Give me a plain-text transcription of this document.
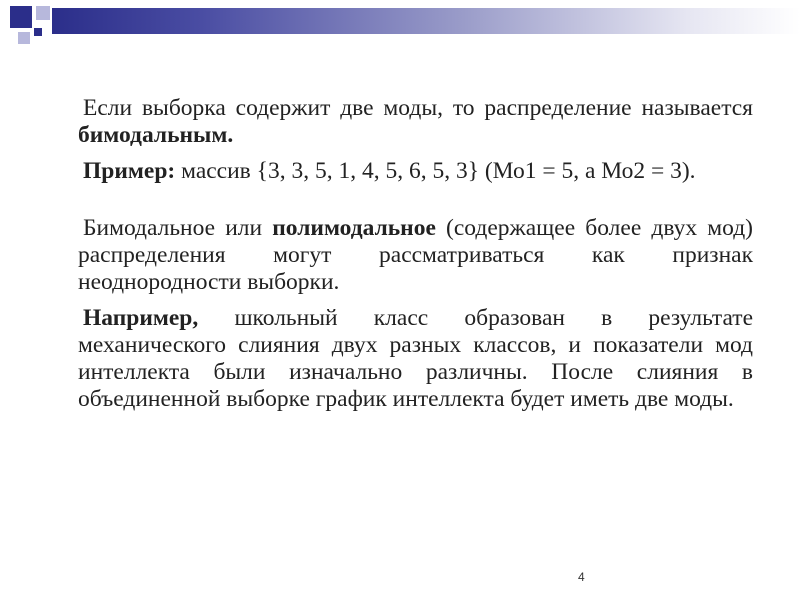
Если выборка содержит две моды, то распределение называется бимодальным.

Пример: массив {3, 3, 5, 1, 4, 5, 6, 5, 3} (Мо1 = 5, а Мо2 = 3).

Бимодальное или полимодальное (содержащее более двух мод) распределения могут рассматриваться как признак неоднородности выборки.

Например, школьный класс образован в результате механического слияния двух разных классов, и показатели мод интеллекта были изначально различны. После слияния в объединенной выборке график интеллекта будет иметь две моды.

4
